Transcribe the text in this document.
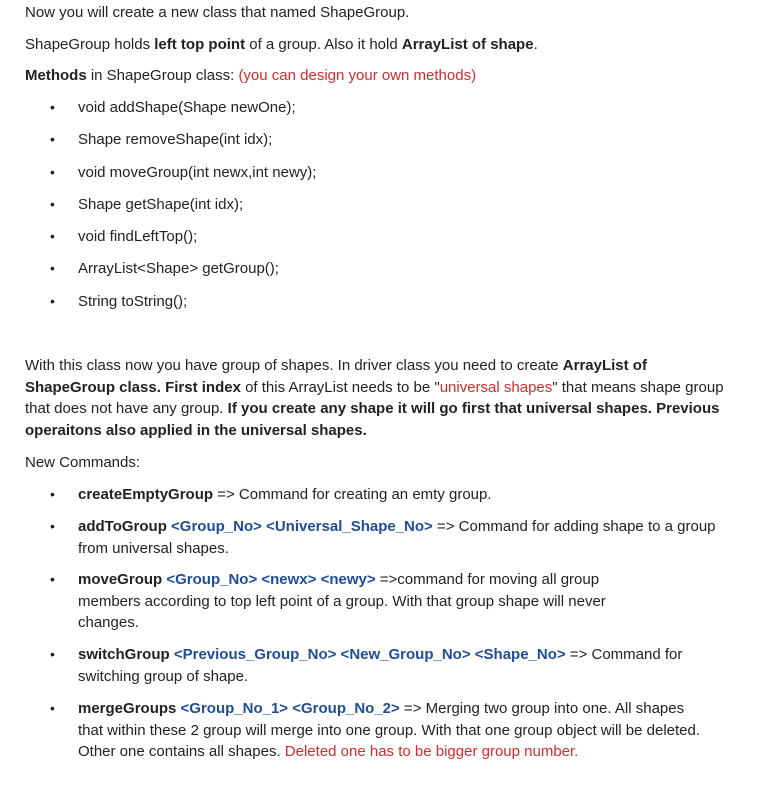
Now you will create a new class that named ShapeGroup.
ShapeGroup holds left top point of a group. Also it hold ArrayList of shape.
Methods in ShapeGroup class: (you can design your own methods)
• void addShape(Shape newOne);
• Shape removeShape(int idx);
• void moveGroup(int newx,int newy);
• Shape getShape(int idx);
• void findLeftTop();
• ArrayList<Shape> getGroup();
• String toString();
With this class now you have group of shapes. In driver class you need to create ArrayList of ShapeGroup class. First index of this ArrayList needs to be "universal shapes" that means shape group that does not have any group. If you create any shape it will go first that universal shapes. Previous operaitons also applied in the universal shapes.
New Commands:
• createEmptyGroup => Command for creating an emty group.
• addToGroup <Group_No> <Universal_Shape_No> => Command for adding shape to a group from universal shapes.
• moveGroup <Group_No> <newx> <newy> =>command for moving all group members according to top left point of a group. With that group shape will never changes.
• switchGroup <Previous_Group_No> <New_Group_No> <Shape_No> => Command for switching group of shape.
• mergeGroups <Group_No_1> <Group_No_2> => Merging two group into one. All shapes that within these 2 group will merge into one group. With that one group object will be deleted. Other one contains all shapes. Deleted one has to be bigger group number.
